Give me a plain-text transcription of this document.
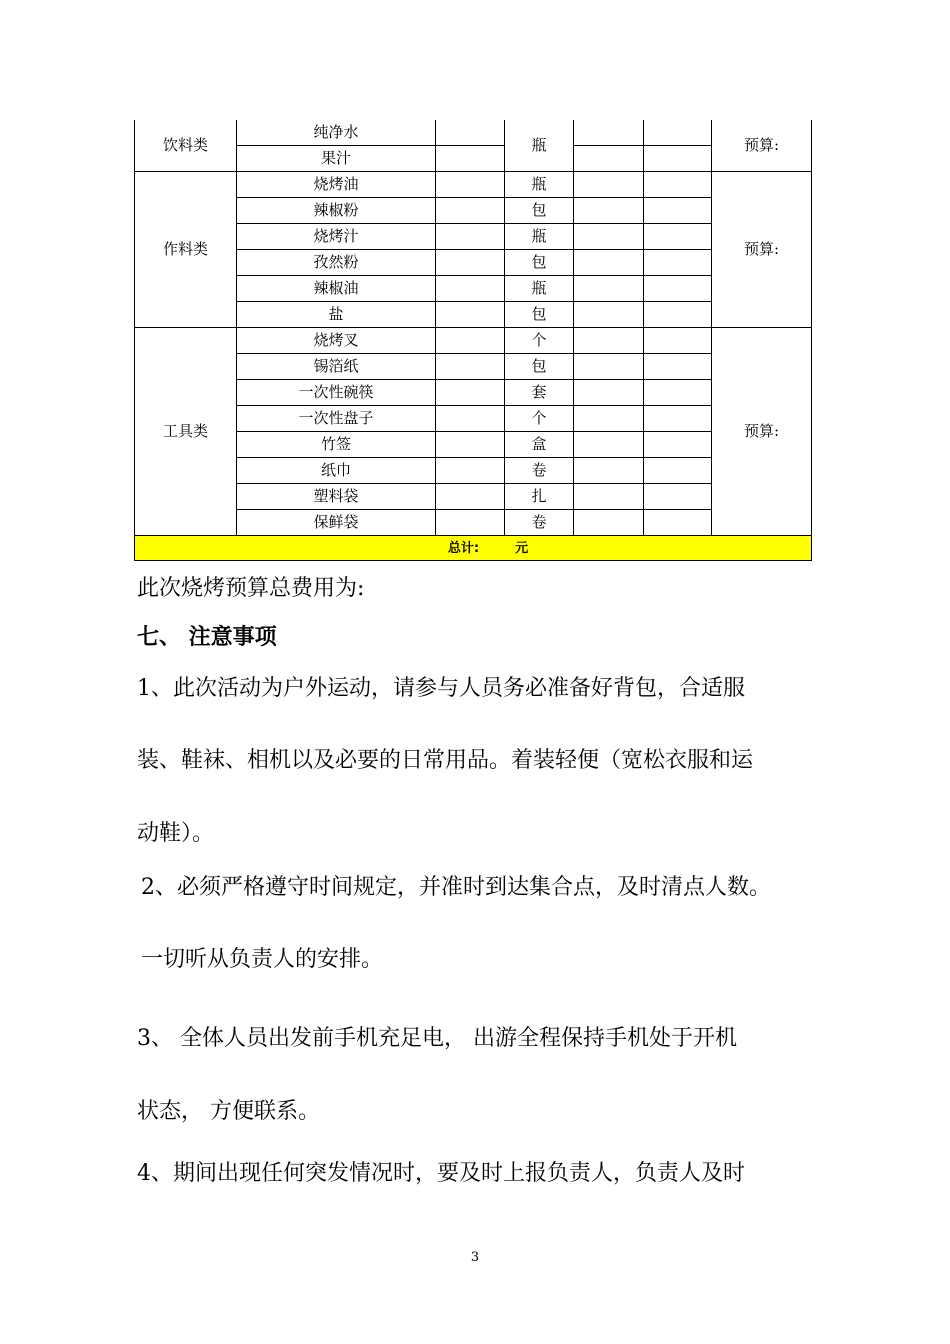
饮料类	纯净水		瓶			预算:
	果汁					
作料类	烧烤油		瓶			预算:
	辣椒粉		包			
	烧烤汁		瓶			
	孜然粉		包			
	辣椒油		瓶			
	盐		包			
工具类	烧烤叉		个			预算:
	锡箔纸		包			
	一次性碗筷		套			
	一次性盘子		个			
	竹签		盒			
	纸巾		卷			
	塑料袋		扎			
	保鲜袋		卷			
总计: 元						
此次烧烤预算总费用为:
七、 注意事项
1、此次活动为户外运动，请参与人员务必准备好背包，合适服
装、鞋袜、相机以及必要的日常用品。着装轻便（宽松衣服和运
动鞋）。
2、必须严格遵守时间规定，并准时到达集合点，及时清点人数。
一切听从负责人的安排。
3、 全体人员出发前手机充足电， 出游全程保持手机处于开机
状态， 方便联系。
4、期间出现任何突发情况时，要及时上报负责人，负责人及时
3
